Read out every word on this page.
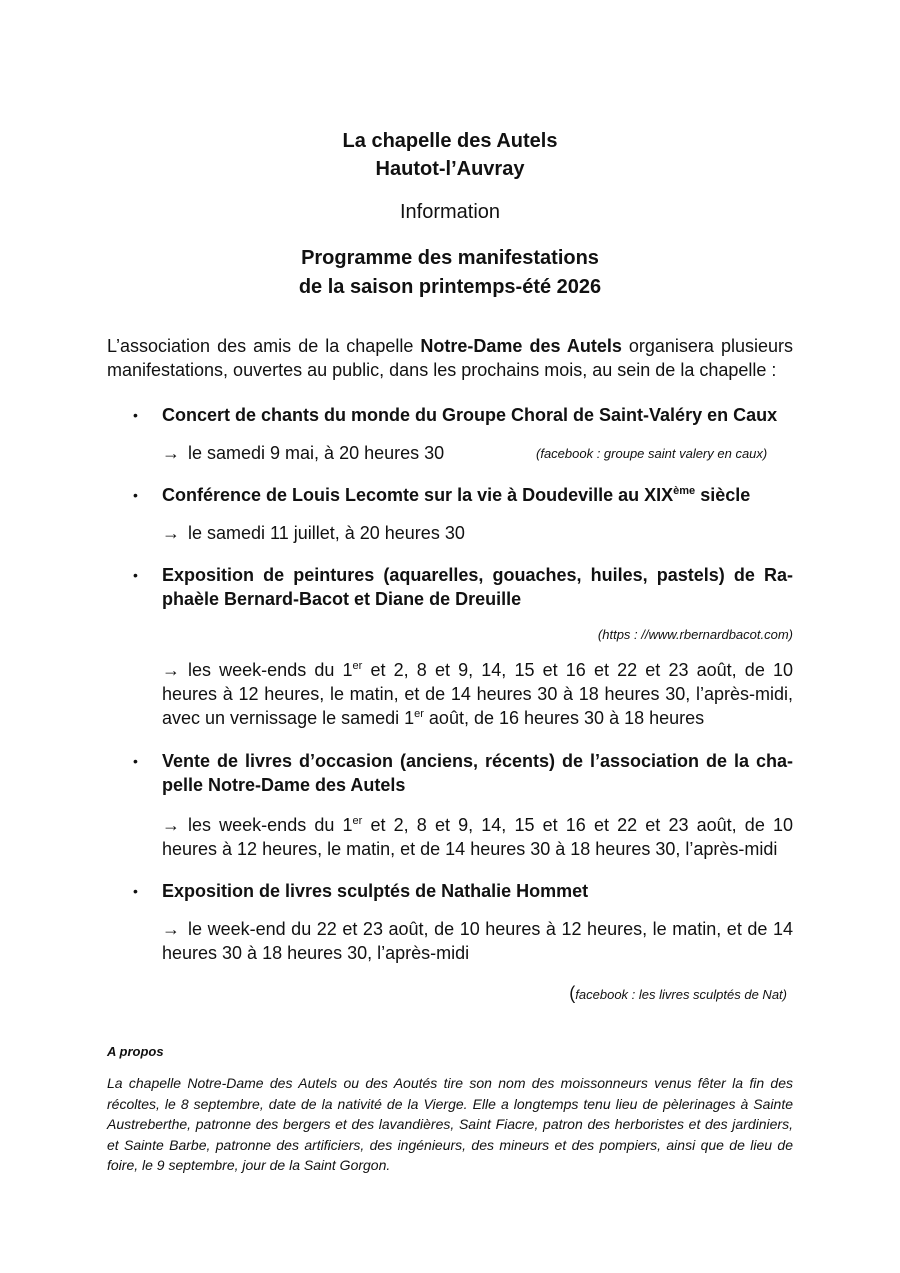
La chapelle des Autels
Hautot-l’Auvray
Information
Programme des manifestations
de la saison printemps-été 2026
L’association des amis de la chapelle Notre-Dame des Autels organisera plusieurs manifestations, ouvertes au public, dans les prochains mois, au sein de la chapelle :
• Concert de chants du monde du Groupe Choral de Saint-Valéry en Caux
→ le samedi 9 mai, à 20 heures 30	(facebook : groupe saint valery en caux)
• Conférence de Louis Lecomte sur la vie à Doudeville au XIXème siècle
→ le samedi 11 juillet, à 20 heures 30
• Exposition de peintures (aquarelles, gouaches, huiles, pastels) de Raphaèle Bernard-Bacot et Diane de Dreuille
(https : //www.rbernardbacot.com)
→ les week-ends du 1er et 2, 8 et 9, 14, 15 et 16 et 22 et 23 août, de 10 heures à 12 heures, le matin, et de 14 heures 30 à 18 heures 30, l’après-midi, avec un vernissage le samedi 1er août, de 16 heures 30 à 18 heures
• Vente de livres d’occasion (anciens, récents) de l’association de la chapelle Notre-Dame des Autels
→ les week-ends du 1er et 2, 8 et 9, 14, 15 et 16 et 22 et 23 août, de 10 heures à 12 heures, le matin, et de 14 heures 30 à 18 heures 30, l’après-midi
• Exposition de livres sculptés de Nathalie Hommet
→ le week-end du 22 et 23 août, de 10 heures à 12 heures, le matin, et de 14 heures 30 à 18 heures 30, l’après-midi
(facebook : les livres sculptés de Nat)
A propos
La chapelle Notre-Dame des Autels ou des Aoutés tire son nom des moissonneurs venus fêter la fin des récoltes, le 8 septembre, date de la nativité de la Vierge. Elle a longtemps tenu lieu de pèlerinages à Sainte Austreberthe, patronne des bergers et des lavandières, Saint Fiacre, patron des herboristes et des jardiniers, et Sainte Barbe, patronne des artificiers, des ingénieurs, des mineurs et des pompiers, ainsi que de lieu de foire, le 9 septembre, jour de la Saint Gorgon.
